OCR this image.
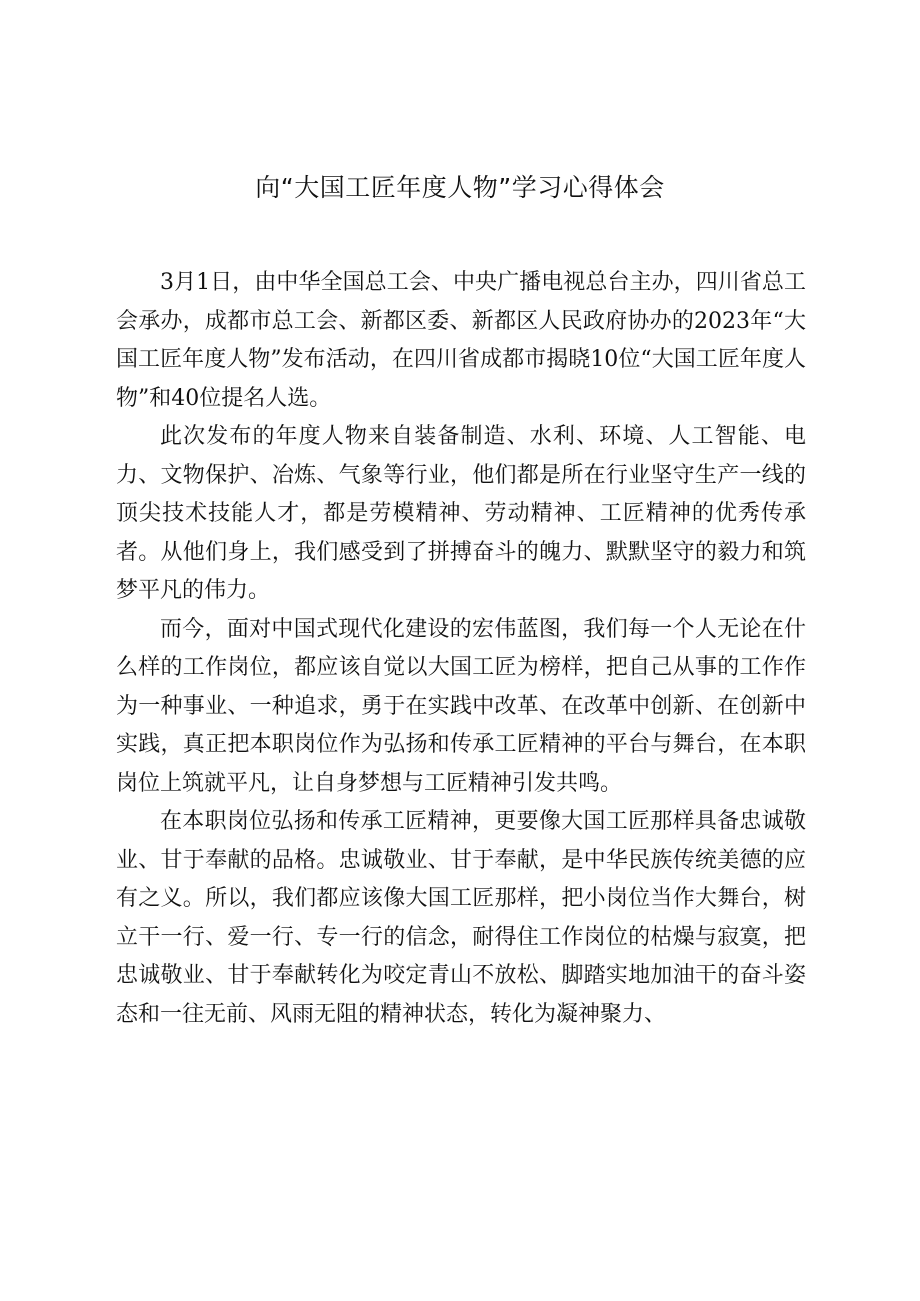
向“大国工匠年度人物”学习心得体会

3月1日，由中华全国总工会、中央广播电视总台主办，四川省总工会承办，成都市总工会、新都区委、新都区人民政府协办的2023年“大国工匠年度人物”发布活动，在四川省成都市揭晓10位“大国工匠年度人物”和40位提名人选。

此次发布的年度人物来自装备制造、水利、环境、人工智能、电力、文物保护、冶炼、气象等行业，他们都是所在行业坚守生产一线的顶尖技术技能人才，都是劳模精神、劳动精神、工匠精神的优秀传承者。从他们身上，我们感受到了拼搏奋斗的魄力、默默坚守的毅力和筑梦平凡的伟力。

而今，面对中国式现代化建设的宏伟蓝图，我们每一个人无论在什么样的工作岗位，都应该自觉以大国工匠为榜样，把自己从事的工作作为一种事业、一种追求，勇于在实践中改革、在改革中创新、在创新中实践，真正把本职岗位作为弘扬和传承工匠精神的平台与舞台，在本职岗位上筑就平凡，让自身梦想与工匠精神引发共鸣。

在本职岗位弘扬和传承工匠精神，更要像大国工匠那样具备忠诚敬业、甘于奉献的品格。忠诚敬业、甘于奉献，是中华民族传统美德的应有之义。所以，我们都应该像大国工匠那样，把小岗位当作大舞台，树立干一行、爱一行、专一行的信念，耐得住工作岗位的枯燥与寂寞，把忠诚敬业、甘于奉献转化为咬定青山不放松、脚踏实地加油干的奋斗姿态和一往无前、风雨无阻的精神状态，转化为凝神聚力、
